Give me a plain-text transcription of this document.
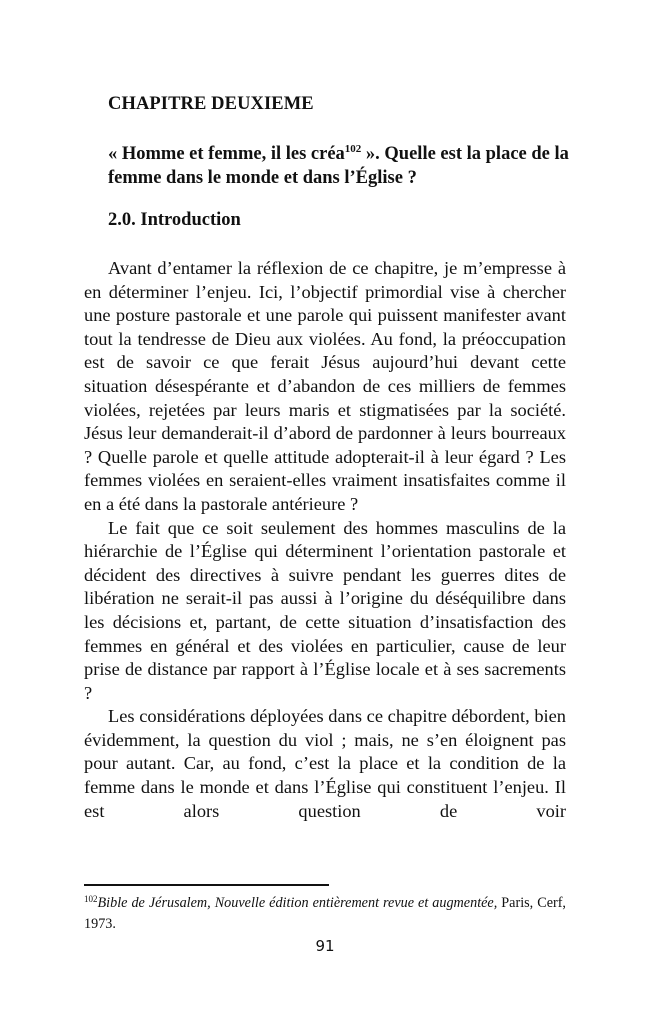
CHAPITRE DEUXIEME
« Homme et femme, il les créa$^{102}$ ». Quelle est la place de la femme dans le monde et dans l’Église ?
2.0. Introduction

Avant d’entamer la réflexion de ce chapitre, je m’empresse à en déterminer l’enjeu. Ici, l’objectif primordial vise à chercher une posture pastorale et une parole qui puissent manifester avant tout la tendresse de Dieu aux violées. Au fond, la préoccupation est de savoir ce que ferait Jésus aujourd’hui devant cette situation désespérante et d’abandon de ces milliers de femmes violées, rejetées par leurs maris et stigmatisées par la société. Jésus leur demanderait-il d’abord de pardonner à leurs bourreaux ? Quelle parole et quelle attitude adopterait-il à leur égard ? Les femmes violées en seraient-elles vraiment insatisfaites comme il en a été dans la pastorale antérieure ?

Le fait que ce soit seulement des hommes masculins de la hiérarchie de l’Église qui déterminent l’orientation pastorale et décident des directives à suivre pendant les guerres dites de libération ne serait-il pas aussi à l’origine du déséquilibre dans les décisions et, partant, de cette situation d’insatisfaction des femmes en général et des violées en particulier, cause de leur prise de distance par rapport à l’Église locale et à ses sacrements ?

Les considérations déployées dans ce chapitre débordent, bien évidemment, la question du viol ; mais, ne s’en éloignent pas pour autant. Car, au fond, c’est la place et la condition de la femme dans le monde et dans l’Église qui constituent l’enjeu. Il est alors question de voir

$^{102}$Bible de Jérusalem, Nouvelle édition entièrement revue et augmentée, Paris, Cerf, 1973.
91
